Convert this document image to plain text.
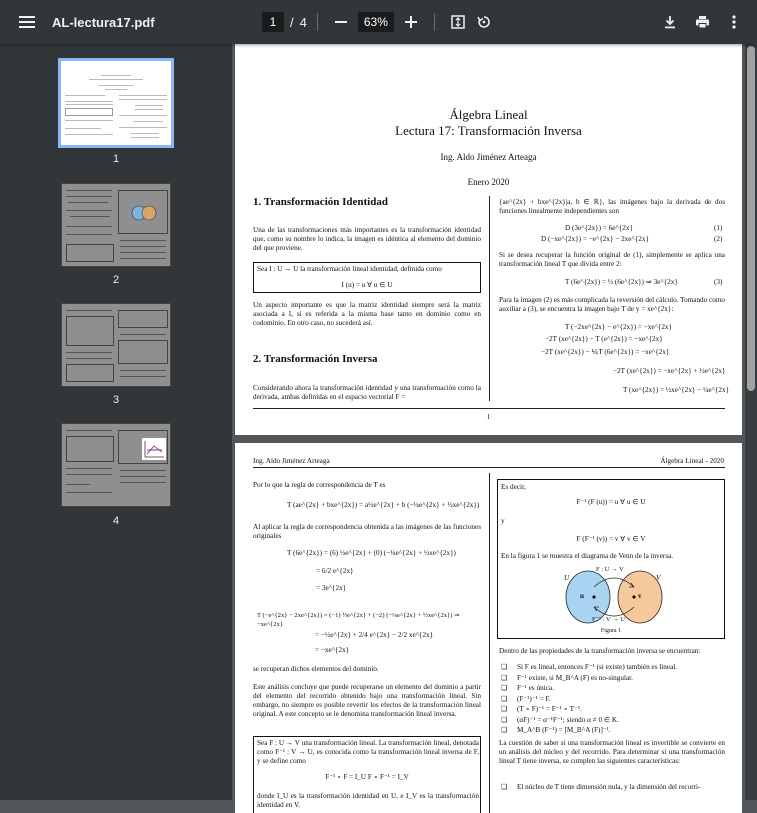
AL-lectura17.pdf	1	/ 4	63%
1
2
3
4
Álgebra Lineal
Lectura 17: Transformación Inversa
Ing. Aldo Jiménez Arteaga
Enero 2020
1. Transformación Identidad
Una de las transformaciones más importantes es la transformación identidad que, como su nombre lo indica, la imagen es idéntica al elemento del dominio del que proviene.
Sea I : U → U la transformación lineal identidad, definida como
I (u) = u ∀ u ∈ U
Un aspecto importante es que la matriz identidad siempre será la matriz asociada a I, si es referida a la misma base tanto en dominio como en codominio. En otro caso, no sucederá así.
2. Transformación Inversa
Considerando ahora la transformación identidad y una transformación como la derivada, ambas definidas en el espacio vectorial F =
{ae^{2x} + bxe^{2x}|a, b ∈ ℝ}, las imágenes bajo la derivada de dos funciones linealmente independientes son
D (3e^{2x}) = 6e^{2x}	(1)
D (−xe^{2x}) = −e^{2x} − 2xe^{2x}	(2)
Si se desea recuperar la función original de (1), simplemente se aplica una transformación lineal T que divida entre 2:
T (6e^{2x}) = ½ (6e^{2x}) ⇒ 3e^{2x}	(3)
Para la imagen (2) es más complicada la reversión del cálculo. Tomando como auxiliar a (3), se encuentra la imagen bajo T de y = xe^{2x}:
T (−2xe^{2x} − e^{2x}) = −xe^{2x}
−2T (xe^{2x}) − T (e^{2x}) = −xe^{2x}
−2T (xe^{2x}) − ⅙T (6e^{2x}) = −xe^{2x}
−2T (xe^{2x}) = −xe^{2x} + ½e^{2x}
T (xe^{2x}) = ½xe^{2x} − ¼e^{2x}
1
Ing. Aldo Jiménez Arteaga	Álgebra Lineal - 2020
Por lo que la regla de correspondencia de T es
T (ae^{2x} + bxe^{2x}) = a½e^{2x} + b (−¼e^{2x} + ½xe^{2x})
Al aplicar la regla de correspondencia obtenida a las imágenes de las funciones originales
T (6e^{2x}) = (6) ½e^{2x} + (0) (−¼e^{2x} + ½xe^{2x})
= 6/2 e^{2x}
= 3e^{2x}
T (−e^{2x} − 2xe^{2x}) = (−1) ½e^{2x} + (−2) (−¼e^{2x} + ½xe^{2x}) ⇒ −xe^{2x}
= −½e^{2x} + 2/4 e^{2x} − 2/2 xe^{2x}
= −xe^{2x}
se recuperan dichos elementos del dominio.
Este análisis concluye que puede recuperarse un elemento del dominio a partir del elemento del recorrido obtenido bajo una transformación lineal. Sin embargo, no siempre es posible revertir los efectos de la transformación lineal original. A este concepto se le denomina transformación lineal inversa.
Sea F : U → V una transformación lineal. La transformación lineal, denotada como F⁻¹ : V → U, es conocida como la transformación lineal inversa de F, y se define como
F⁻¹ ∘ F = I_U F ∘ F⁻¹ = I_V
donde I_U es la transformación identidad en U, e I_V es la transformación identidad en V.
Es decir,
F⁻¹ (F (u)) = u ∀ u ∈ U
y
F (F⁻¹ (v)) = v ∀ v ∈ V
En la figura 1 se muestra el diagrama de Venn de la inversa.
F : U → V
F⁻¹ : V → U
U	V
u	v
Figura 1
Dentro de las propiedades de la transformación inversa se encuentran:
La cuestión de saber si una transformación lineal es invertible se convierte en un análisis del núcleo y del recorrido. Para determinar si una transformación lineal T tiene inversa, se cumplen las siguientes características:
❑ El núcleo de T tiene dimensión nula, y la dimensión del recorri-
❑ Si F es lineal, entonces F⁻¹ (si existe) también es lineal.
❑ F⁻¹ existe, si M_B^A (F) es no-singular.
❑ F⁻¹ es única.
❑ (F⁻¹)⁻¹ = F.
❑ (T ∘ F)⁻¹ = F⁻¹ ∘ T⁻¹.
❑ (αF)⁻¹ = α⁻¹F⁻¹; siendo α ≠ 0 ∈ K.
❑ M_A^B (F⁻¹) = [M_B^A (F)]⁻¹.
